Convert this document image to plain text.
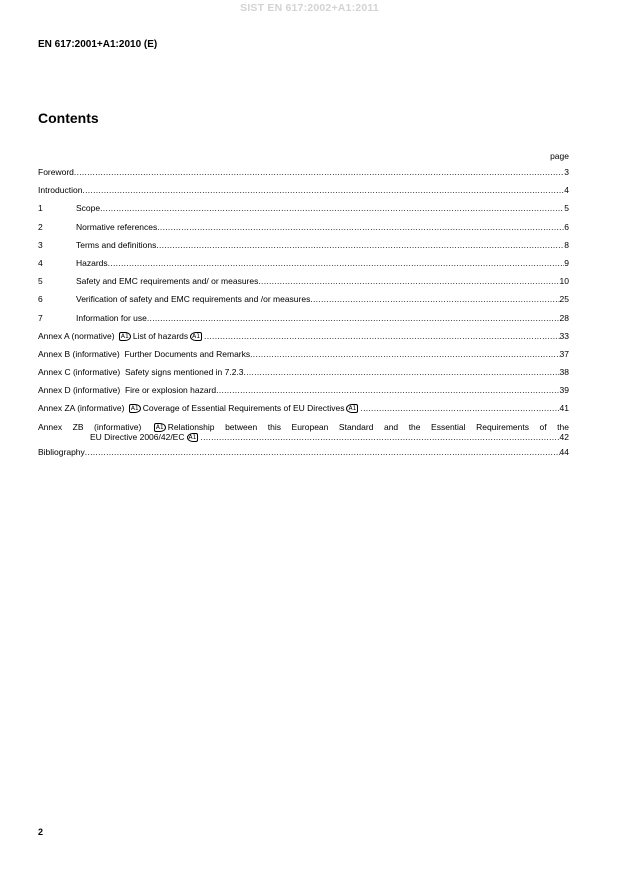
SIST EN 617:2002+A1:2011
EN 617:2001+A1:2010 (E)
Contents
page
Foreword .....	3
Introduction .....	4
1	Scope .....	5
2	Normative references .....	6
3	Terms and definitions .....	8
4	Hazards .....	9
5	Safety and EMC requirements and/ or measures .....	10
6	Verification of safety and EMC requirements and /or measures .....	25
7	Information for use .....	28
Annex A (normative) A1 List of hazards A1 .....	33
Annex B (informative) Further Documents and Remarks .....	37
Annex C (informative) Safety signs mentioned in 7.2.3 .....	38
Annex D (informative) Fire or explosion hazard .....	39
Annex ZA (informative) A1 Coverage of Essential Requirements of EU Directives A1 .....	41
Annex ZB (informative) A1 Relationship between this European Standard and the Essential Requirements of the
EU Directive 2006/42/EC A1 .....	42
Bibliography .....	44
2
